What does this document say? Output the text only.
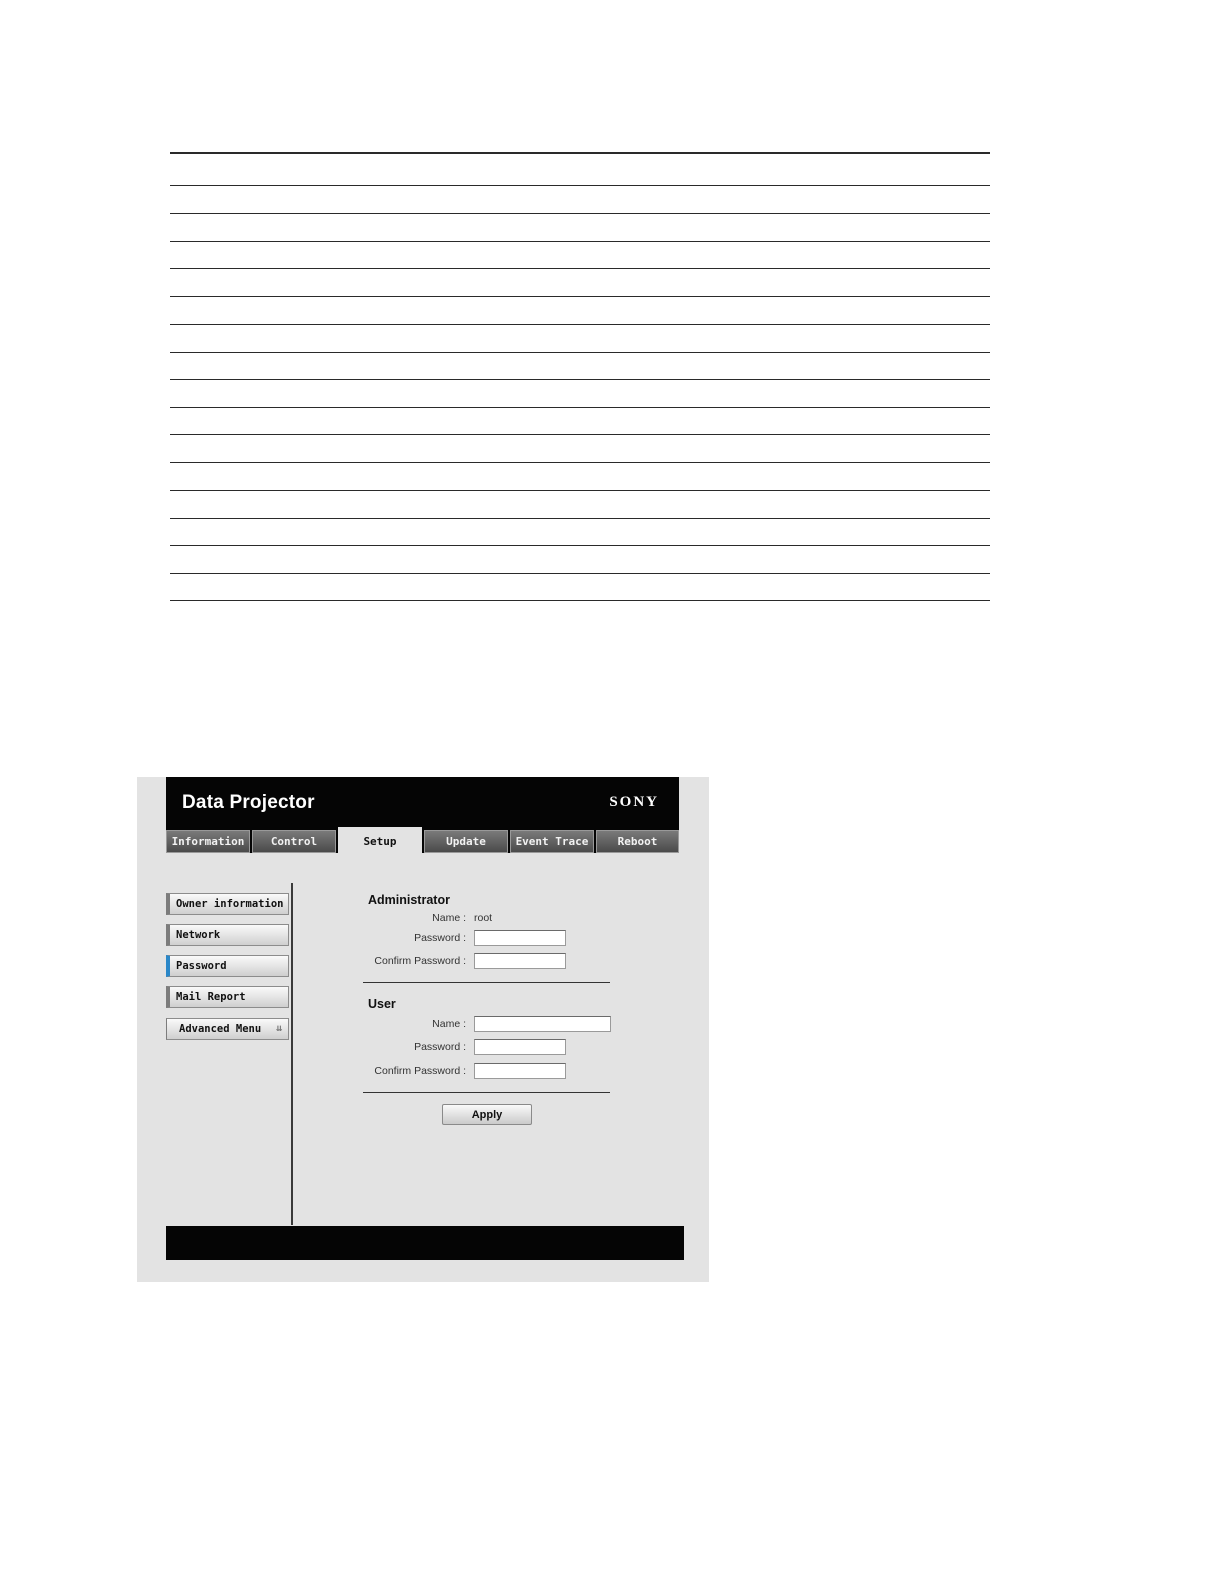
Data Projector	SONY
Information	Control	Setup	Update	Event Trace	Reboot
Owner information
Network
Password
Mail Report
Advanced Menu ⇊
Administrator
Name : root
Password :
Confirm Password :
User
Name :
Password :
Confirm Password :
Apply
